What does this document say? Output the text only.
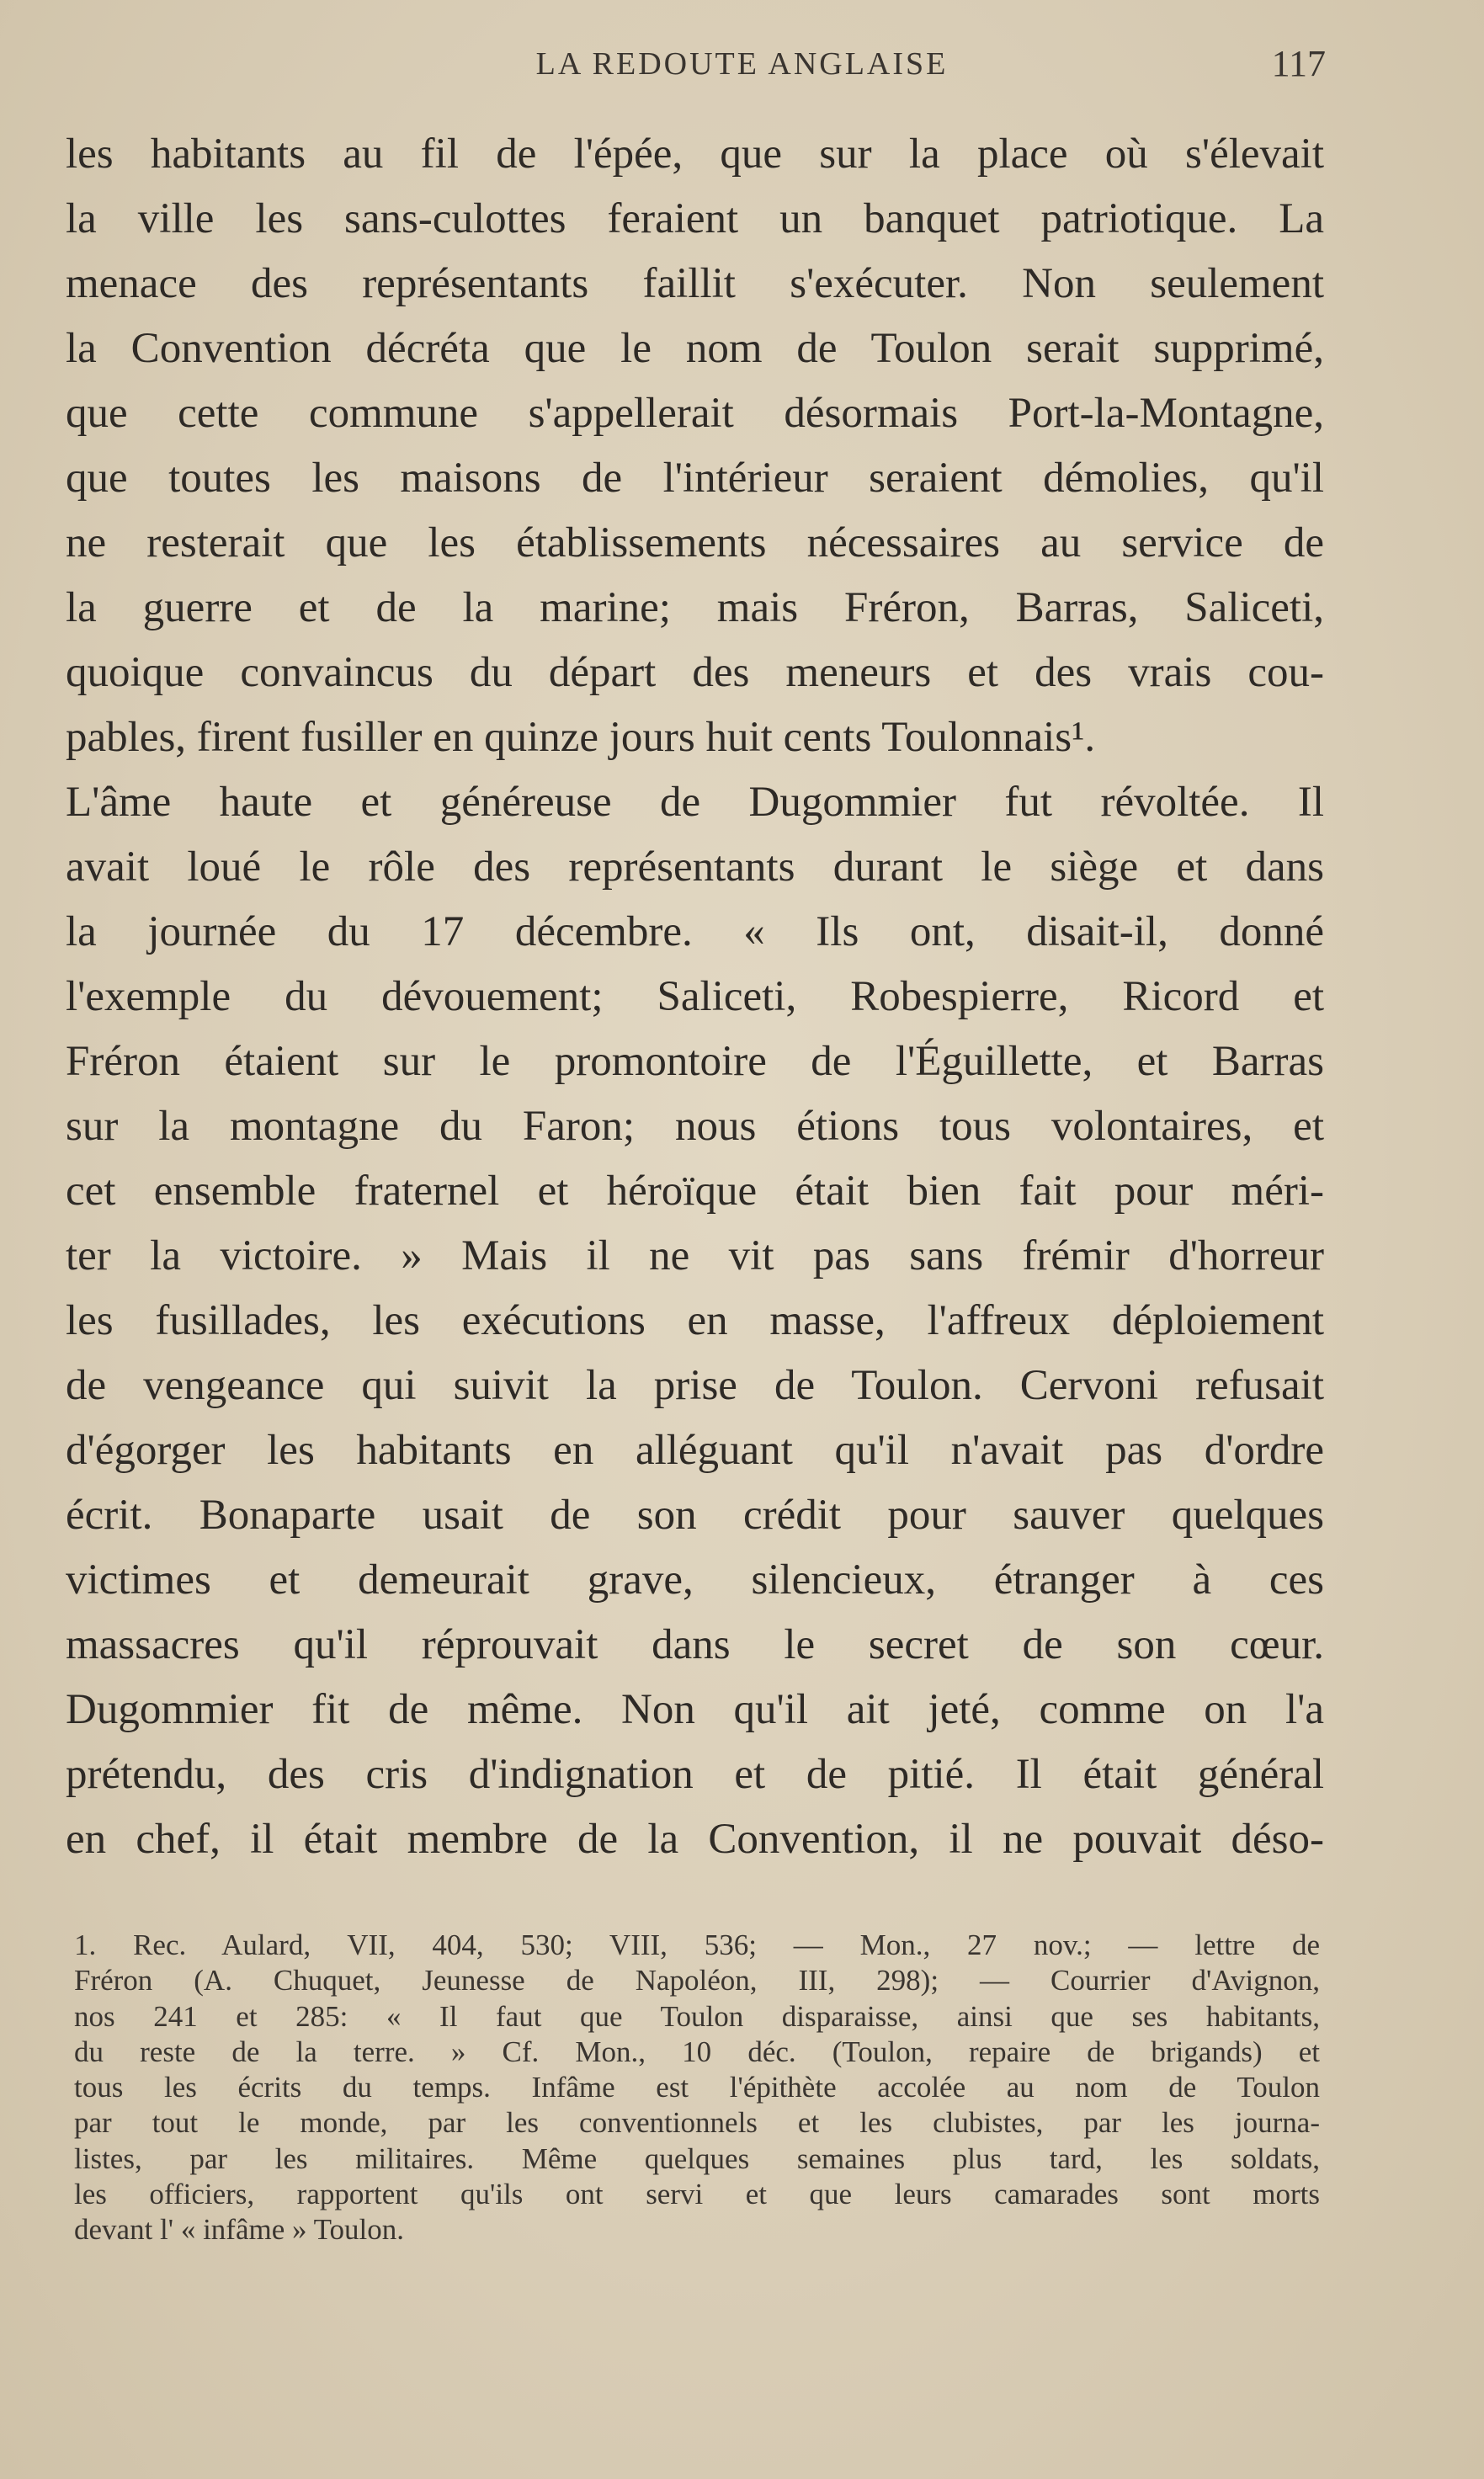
LA REDOUTE ANGLAISE	117
les habitants au fil de l'épée, que sur la place où s'élevait
la ville les sans-culottes feraient un banquet patriotique. La
menace des représentants faillit s'exécuter. Non seulement
la Convention décréta que le nom de Toulon serait supprimé,
que cette commune s'appellerait désormais Port-la-Montagne,
que toutes les maisons de l'intérieur seraient démolies, qu'il
ne resterait que les établissements nécessaires au service de
la guerre et de la marine; mais Fréron, Barras, Saliceti,
quoique convaincus du départ des meneurs et des vrais cou-
pables, firent fusiller en quinze jours huit cents Toulonnais¹.
L'âme haute et généreuse de Dugommier fut révoltée. Il
avait loué le rôle des représentants durant le siège et dans
la journée du 17 décembre. « Ils ont, disait-il, donné
l'exemple du dévouement; Saliceti, Robespierre, Ricord et
Fréron étaient sur le promontoire de l'Éguillette, et Barras
sur la montagne du Faron; nous étions tous volontaires, et
cet ensemble fraternel et héroïque était bien fait pour méri-
ter la victoire. » Mais il ne vit pas sans frémir d'horreur
les fusillades, les exécutions en masse, l'affreux déploiement
de vengeance qui suivit la prise de Toulon. Cervoni refusait
d'égorger les habitants en alléguant qu'il n'avait pas d'ordre
écrit. Bonaparte usait de son crédit pour sauver quelques
victimes et demeurait grave, silencieux, étranger à ces
massacres qu'il réprouvait dans le secret de son cœur.
Dugommier fit de même. Non qu'il ait jeté, comme on l'a
prétendu, des cris d'indignation et de pitié. Il était général
en chef, il était membre de la Convention, il ne pouvait déso-
1. Rec. Aulard, VII, 404, 530; VIII, 536; — Mon., 27 nov.; — lettre de
Fréron (A. Chuquet, Jeunesse de Napoléon, III, 298); — Courrier d'Avignon,
nos 241 et 285: « Il faut que Toulon disparaisse, ainsi que ses habitants,
du reste de la terre. » Cf. Mon., 10 déc. (Toulon, repaire de brigands) et
tous les écrits du temps. Infâme est l'épithète accolée au nom de Toulon
par tout le monde, par les conventionnels et les clubistes, par les journa-
listes, par les militaires. Même quelques semaines plus tard, les soldats,
les officiers, rapportent qu'ils ont servi et que leurs camarades sont morts
devant l' « infâme » Toulon.
